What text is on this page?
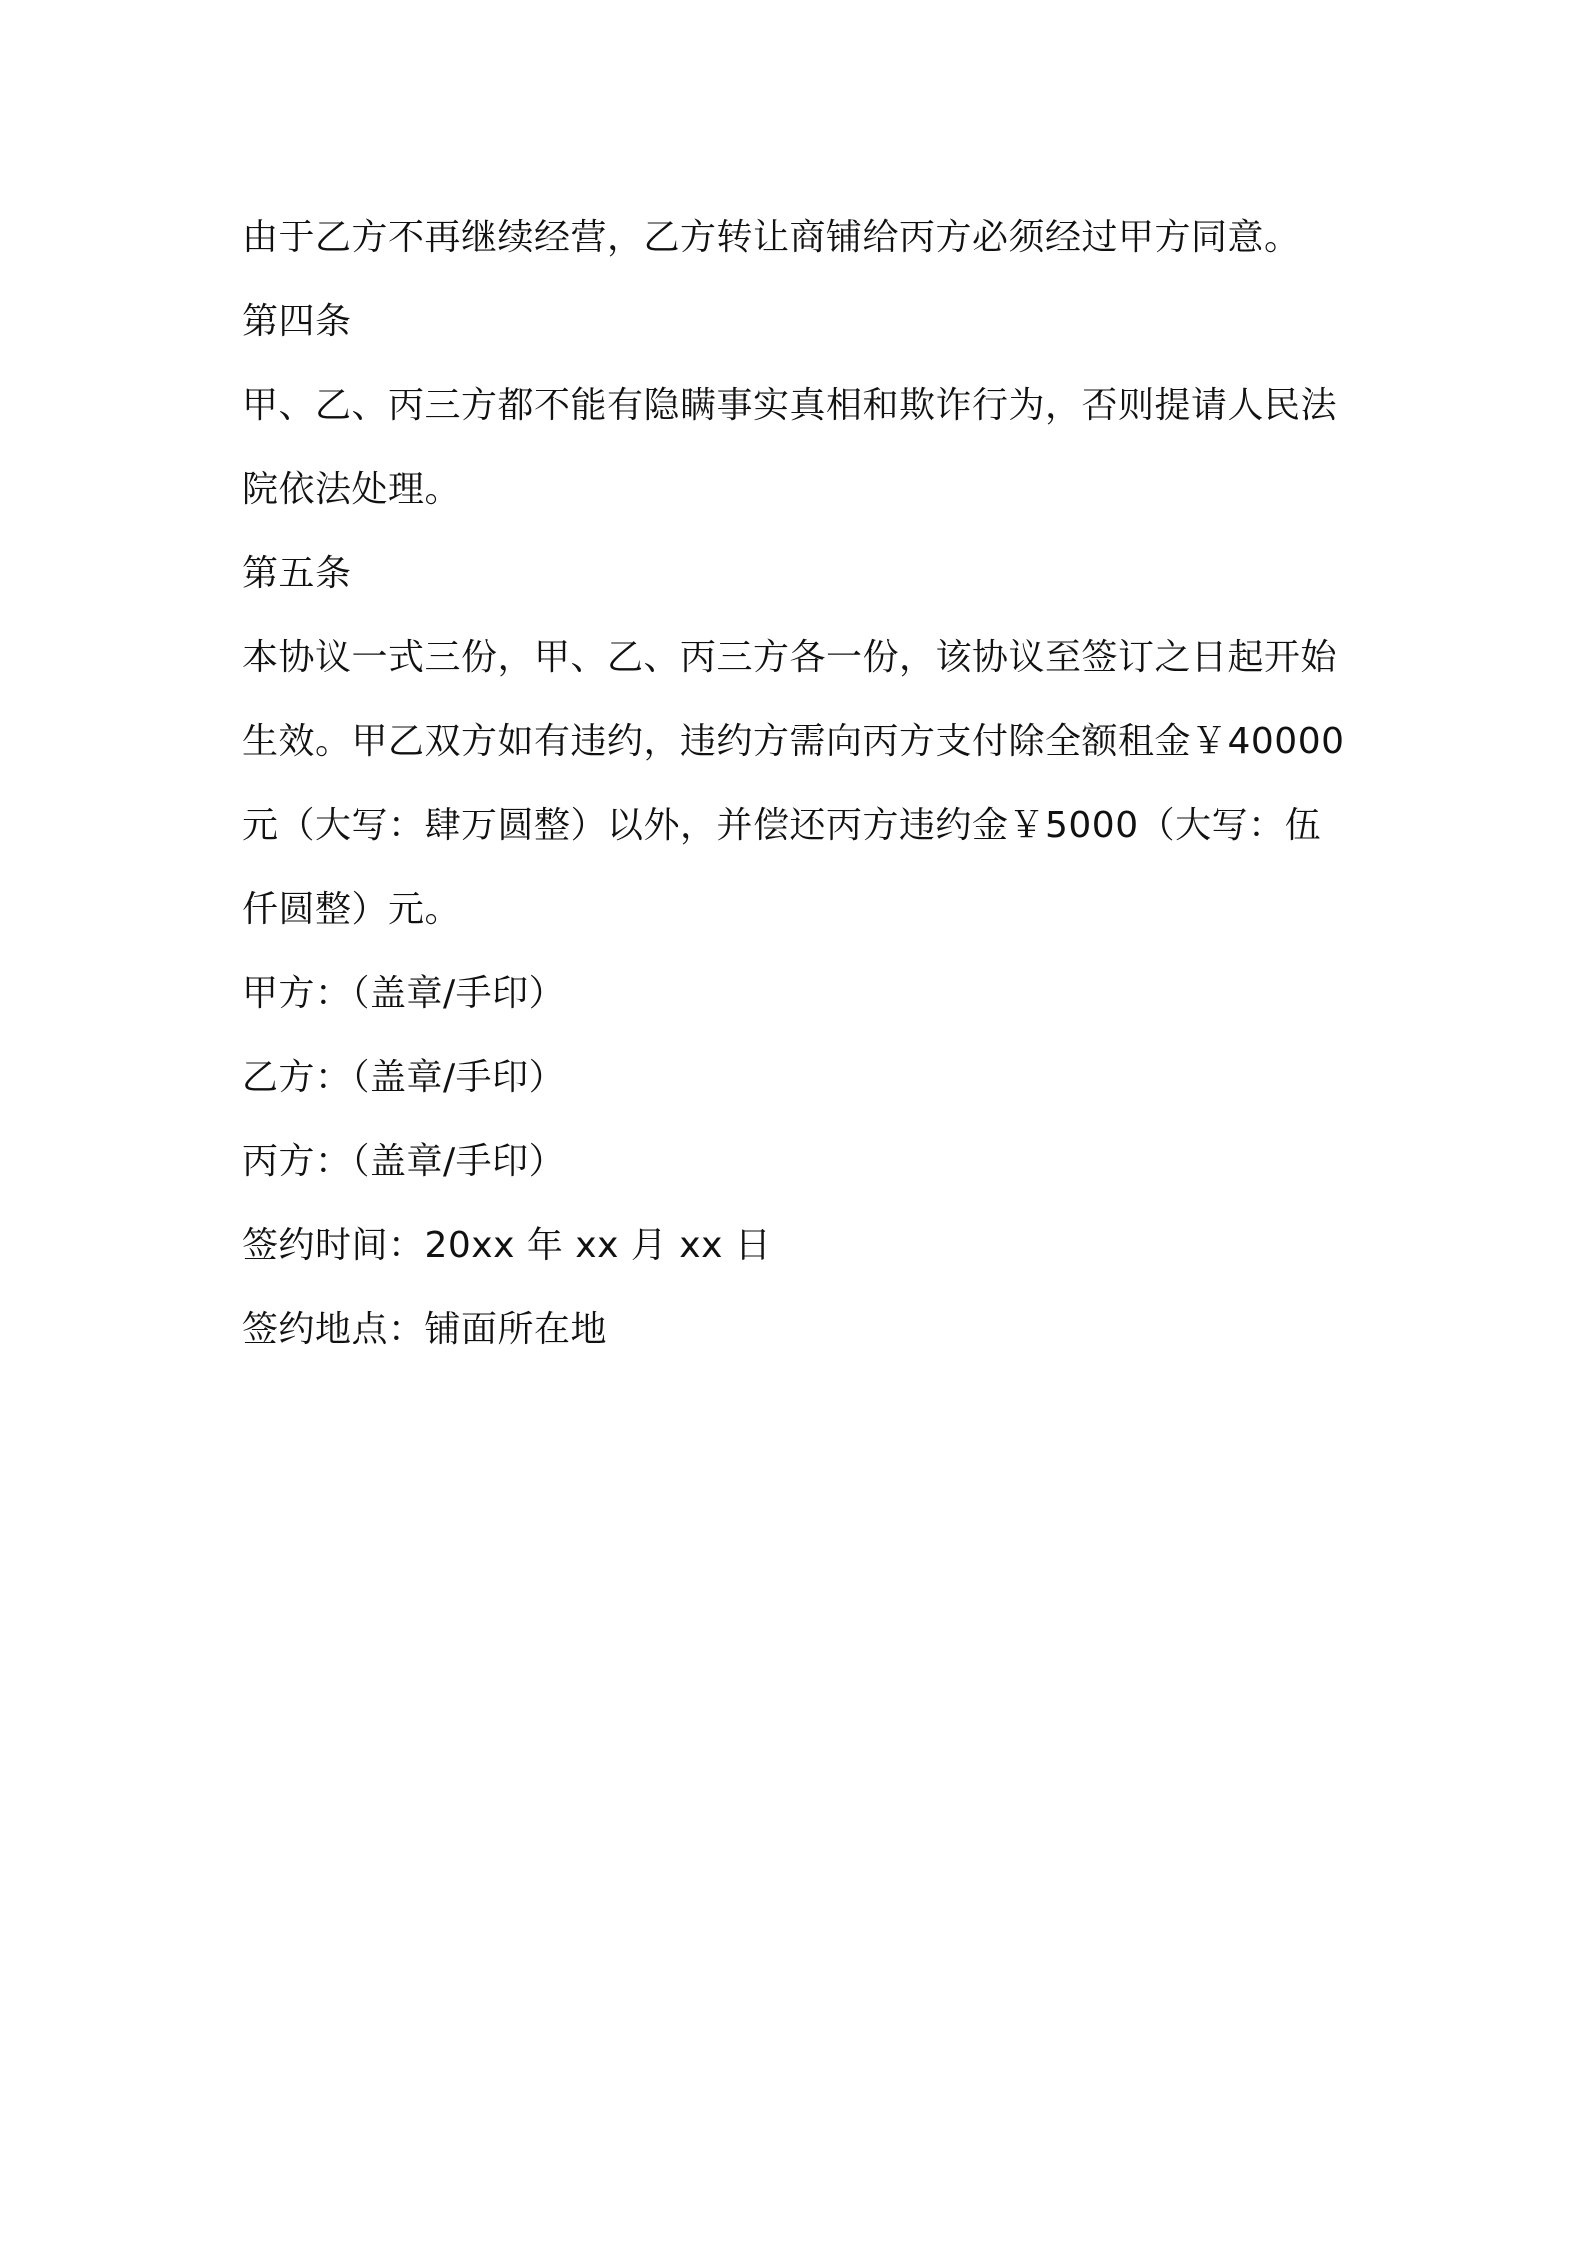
由于乙方不再继续经营，乙方转让商铺给丙方必须经过甲方同意。
第四条
甲、乙、丙三方都不能有隐瞒事实真相和欺诈行为，否则提请人民法
院依法处理。
第五条
本协议一式三份，甲、乙、丙三方各一份，该协议至签订之日起开始
生效。甲乙双方如有违约，违约方需向丙方支付除全额租金￥40000
元（大写：肆万圆整）以外，并偿还丙方违约金￥5000（大写：伍
仟圆整）元。
甲方：（盖章/手印）
乙方：（盖章/手印）
丙方：（盖章/手印）
签约时间：20xx 年 xx 月 xx 日
签约地点：铺面所在地
